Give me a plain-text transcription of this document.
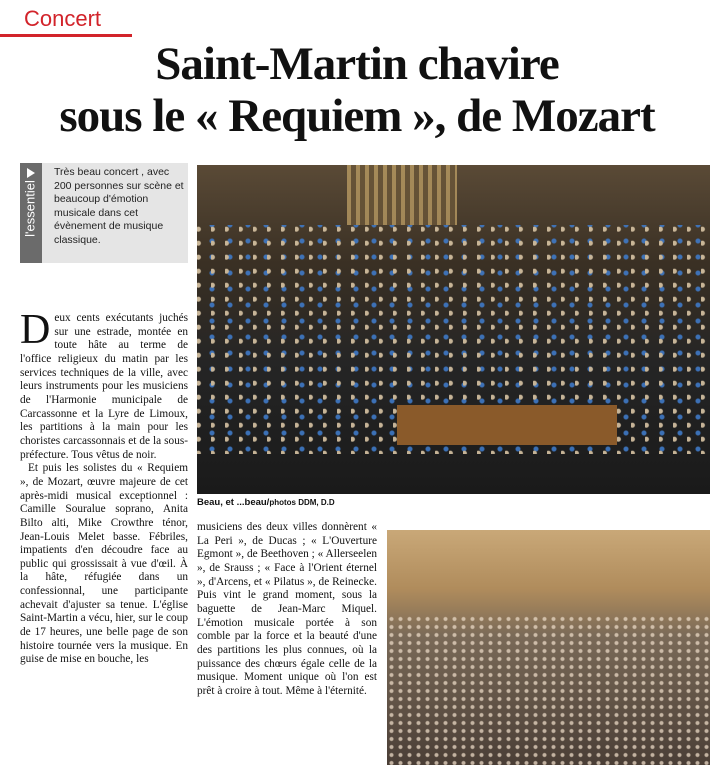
Concert
Saint-Martin chavire
sous le « Requiem », de Mozart
l'essentiel
Très beau concert , avec 200 personnes sur scène et beaucoup d'émotion musicale dans cet évènement de musique classique.
Beau, et ...beau/photos DDM, D.D

Deux cents exécutants juchés sur une estrade, montée en toute hâte au terme de l'office religieux du matin par les services techniques de la ville, avec leurs instruments pour les musiciens de l'Harmonie municipale de Carcassonne et la Lyre de Limoux, les partitions à la main pour les choristes carcassonnais et de la sous-préfecture. Tous vêtus de noir.

Et puis les solistes du « Requiem », de Mozart, œuvre majeure de cet après-midi musical exceptionnel : Camille Souralue soprano, Anita Bilto alti, Mike Crowthre ténor, Jean-Louis Melet basse. Fébriles, impatients d'en découdre face au public qui grossissait à vue d'œil. À la hâte, réfugiée dans un confessionnal, une participante achevait d'ajuster sa tenue. L'église Saint-Martin a vécu, hier, sur le coup de 17 heures, une belle page de son histoire tournée vers la musique. En guise de mise en bouche, les

musiciens des deux villes donnèrent « La Peri », de Ducas ; « L'Ouverture Egmont », de Beethoven ; « Allerseelen », de Srauss ; « Face à l'Orient éternel », d'Arcens, et « Pilatus », de Reinecke. Puis vint le grand moment, sous la baguette de Jean-Marc Miquel. L'émotion musicale portée à son comble par la force et la beauté d'une des partitions les plus connues, où la puissance des chœurs égale celle de la musique. Moment unique où l'on est prêt à croire à tout. Même à l'éternité.
